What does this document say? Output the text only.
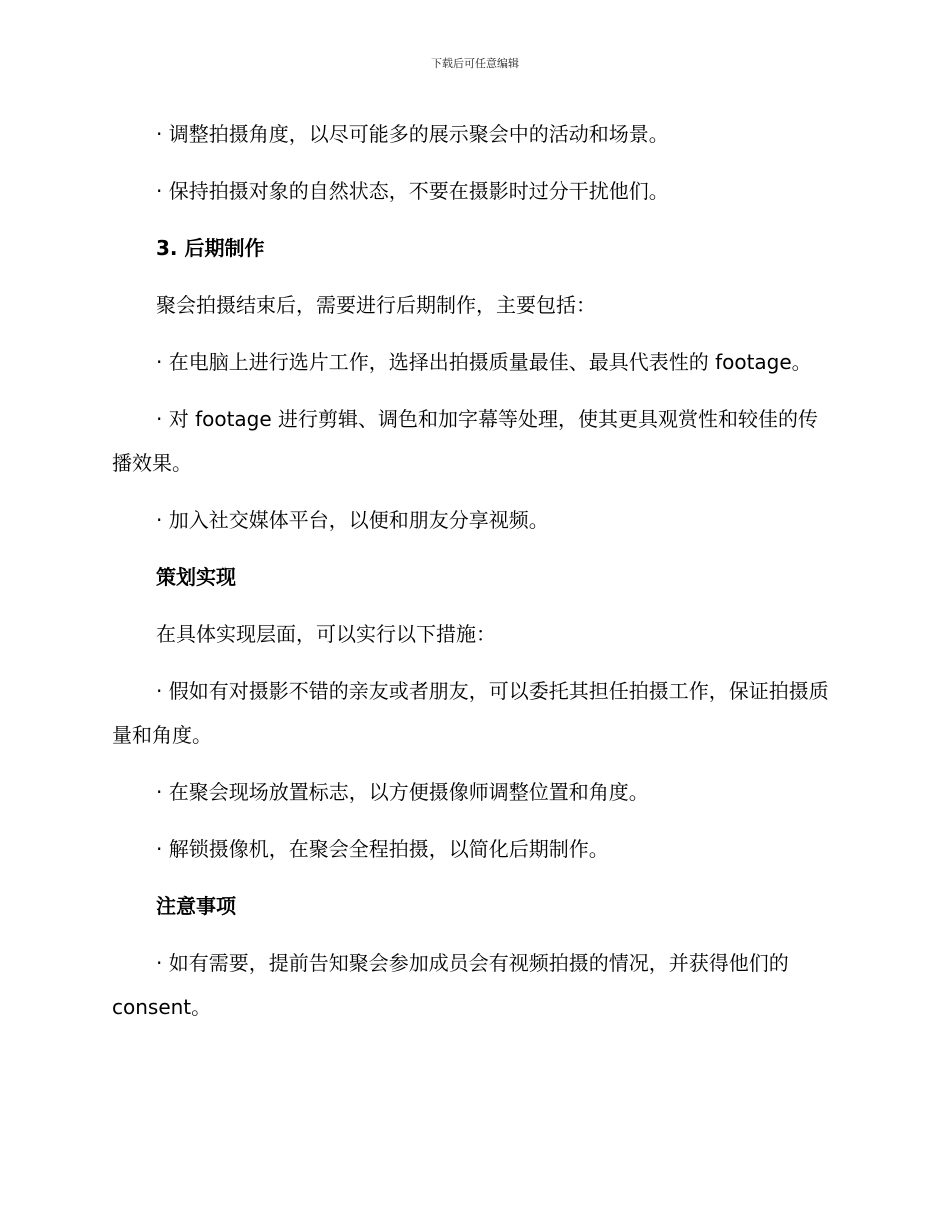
下载后可任意编辑

· 调整拍摄角度，以尽可能多的展示聚会中的活动和场景。

· 保持拍摄对象的自然状态，不要在摄影时过分干扰他们。

3. 后期制作

聚会拍摄结束后，需要进行后期制作，主要包括：

· 在电脑上进行选片工作，选择出拍摄质量最佳、最具代表性的 footage。

· 对 footage 进行剪辑、调色和加字幕等处理，使其更具观赏性和较佳的传播效果。

· 加入社交媒体平台，以便和朋友分享视频。

策划实现

在具体实现层面，可以实行以下措施：

· 假如有对摄影不错的亲友或者朋友，可以委托其担任拍摄工作，保证拍摄质量和角度。

· 在聚会现场放置标志，以方便摄像师调整位置和角度。

· 解锁摄像机，在聚会全程拍摄，以简化后期制作。

注意事项

· 如有需要，提前告知聚会参加成员会有视频拍摄的情况，并获得他们的 consent。
